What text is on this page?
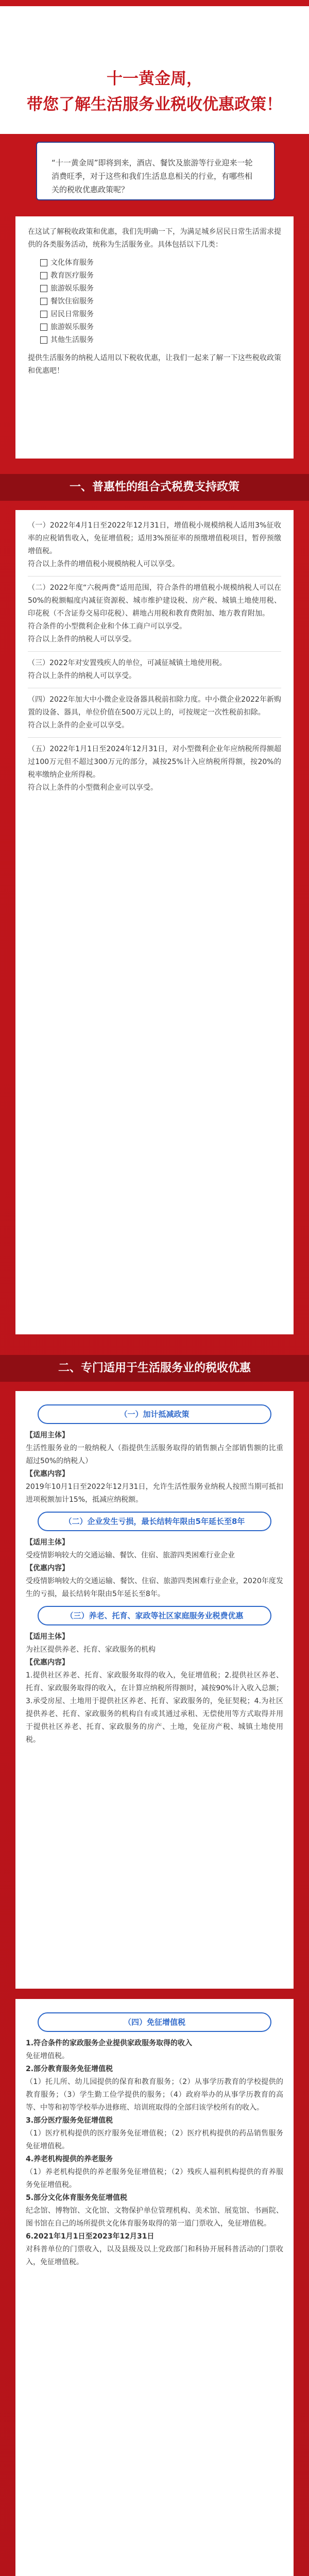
十一黄金周，
带您了解生活服务业税收优惠政策！

“十一黄金周”即将到来，酒店、餐饮及旅游等行业迎来一轮消费旺季，对于这些和我们生活息息相关的行业，有哪些相关的税收优惠政策呢？

在这试了解税收政策和优惠，我们先明确一下，为满足城乡居民日常生活需求提供的各类服务活动，统称为生活服务业。具体包括以下几类：

文化体育服务

教育医疗服务

旅游娱乐服务

餐饮住宿服务

居民日常服务

旅游娱乐服务

其他生活服务

提供生活服务的纳税人适用以下税收优惠，让我们一起来了解一下这些税收政策和优惠吧！

一、普惠性的组合式税费支持政策

（一）2022年4月1日至2022年12月31日，增值税小规模纳税人适用3%征收率的应税销售收入，免征增值税；适用3%预征率的预缴增值税项目，暂停预缴增值税。

符合以上条件的增值税小规模纳税人可以享受。

（二）2022年度“六税两费”适用范围，符合条件的增值税小规模纳税人可以在50%的税额幅度内减征资源税、城市维护建设税、房产税、城镇土地使用税、印花税（不含证券交易印花税）、耕地占用税和教育费附加、地方教育附加。

符合条件的小型微利企业和个体工商户可以享受。

符合以上条件的纳税人可以享受。

（三）2022年对安置残疾人的单位，可减征城镇土地使用税。

符合以上条件的纳税人可以享受。

（四）2022年加大中小微企业设备器具税前扣除力度。中小微企业2022年新购置的设备、器具，单位价值在500万元以上的，可按规定一次性税前扣除。

符合以上条件的企业可以享受。

（五）2022年1月1日至2024年12月31日，对小型微利企业年应纳税所得额超过100万元但不超过300万元的部分，减按25%计入应纳税所得额，按20%的税率缴纳企业所得税。

符合以上条件的小型微利企业可以享受。

二、专门适用于生活服务业的税收优惠
（一）加计抵减政策

【适用主体】

生活性服务业的一般纳税人（指提供生活服务取得的销售额占全部销售额的比重超过50%的纳税人）

【优惠内容】

2019年10月1日至2022年12月31日，允许生活性服务业纳税人按照当期可抵扣进项税额加计15%，抵减应纳税额。

（二）企业发生亏损，最长结转年限由5年延长至8年

【适用主体】

受疫情影响较大的交通运输、餐饮、住宿、旅游四类困难行业企业

【优惠内容】

受疫情影响较大的交通运输、餐饮、住宿、旅游四类困难行业企业，2020年度发生的亏损，最长结转年限由5年延长至8年。

（三）养老、托育、家政等社区家庭服务业税费优惠

【适用主体】

为社区提供养老、托育、家政服务的机构

【优惠内容】

1.提供社区养老、托育、家政服务取得的收入，免征增值税；2.提供社区养老、托育、家政服务取得的收入，在计算应纳税所得额时，减按90%计入收入总额；3.承受房屋、土地用于提供社区养老、托育、家政服务的，免征契税；4.为社区提供养老、托育、家政服务的机构自有或其通过承租、无偿使用等方式取得并用于提供社区养老、托育、家政服务的房产、土地，免征房产税、城镇土地使用税。

（四）免征增值税

1.符合条件的家政服务企业提供家政服务取得的收入

免征增值税。

2.部分教育服务免征增值税

（1）托儿所、幼儿园提供的保育和教育服务；（2）从事学历教育的学校提供的教育服务；（3）学生勤工俭学提供的服务；（4）政府举办的从事学历教育的高等、中等和初等学校举办进修班、培训班取得的全部归该学校所有的收入。

3.部分医疗服务免征增值税

（1）医疗机构提供的医疗服务免征增值税；（2）医疗机构提供的药品销售服务免征增值税。

4.养老机构提供的养老服务

（1）养老机构提供的养老服务免征增值税；（2）残疾人福利机构提供的育养服务免征增值税。

5.部分文化体育服务免征增值税

纪念馆、博物馆、文化馆、文物保护单位管理机构、美术馆、展览馆、书画院、图书馆在自己的场所提供文化体育服务取得的第一道门票收入，免征增值税。

6.2021年1月1日至2023年12月31日

对科普单位的门票收入，以及县级及以上党政部门和科协开展科普活动的门票收入，免征增值税。
